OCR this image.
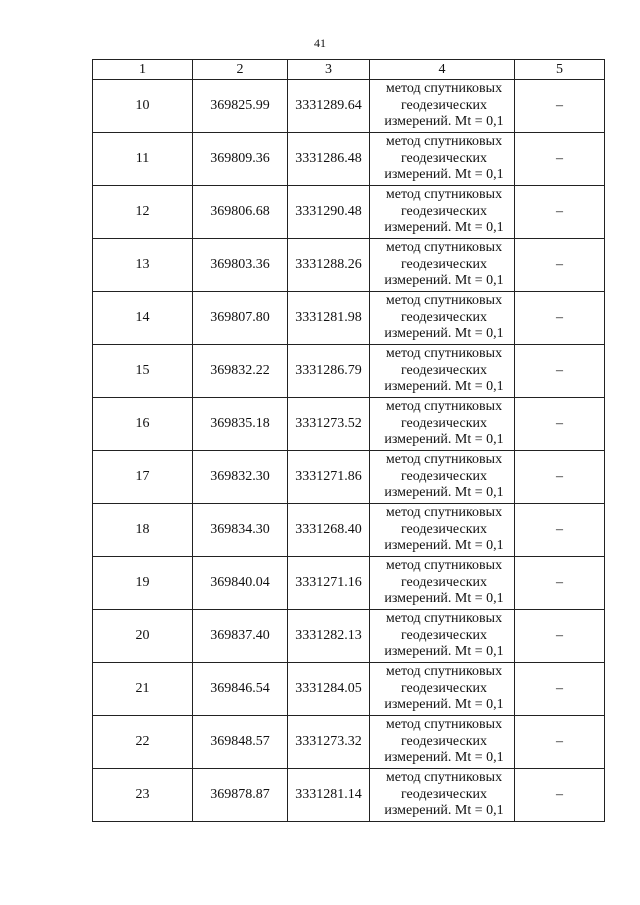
41
1	2	3	4	5
10	369825.99	3331289.64	метод спутниковых
геодезических
измерений. Mt = 0,1	–
11	369809.36	3331286.48	метод спутниковых
геодезических
измерений. Mt = 0,1	–
12	369806.68	3331290.48	метод спутниковых
геодезических
измерений. Mt = 0,1	–
13	369803.36	3331288.26	метод спутниковых
геодезических
измерений. Mt = 0,1	–
14	369807.80	3331281.98	метод спутниковых
геодезических
измерений. Mt = 0,1	–
15	369832.22	3331286.79	метод спутниковых
геодезических
измерений. Mt = 0,1	–
16	369835.18	3331273.52	метод спутниковых
геодезических
измерений. Mt = 0,1	–
17	369832.30	3331271.86	метод спутниковых
геодезических
измерений. Mt = 0,1	–
18	369834.30	3331268.40	метод спутниковых
геодезических
измерений. Mt = 0,1	–
19	369840.04	3331271.16	метод спутниковых
геодезических
измерений. Mt = 0,1	–
20	369837.40	3331282.13	метод спутниковых
геодезических
измерений. Mt = 0,1	–
21	369846.54	3331284.05	метод спутниковых
геодезических
измерений. Mt = 0,1	–
22	369848.57	3331273.32	метод спутниковых
геодезических
измерений. Mt = 0,1	–
23	369878.87	3331281.14	метод спутниковых
геодезических
измерений. Mt = 0,1	–
